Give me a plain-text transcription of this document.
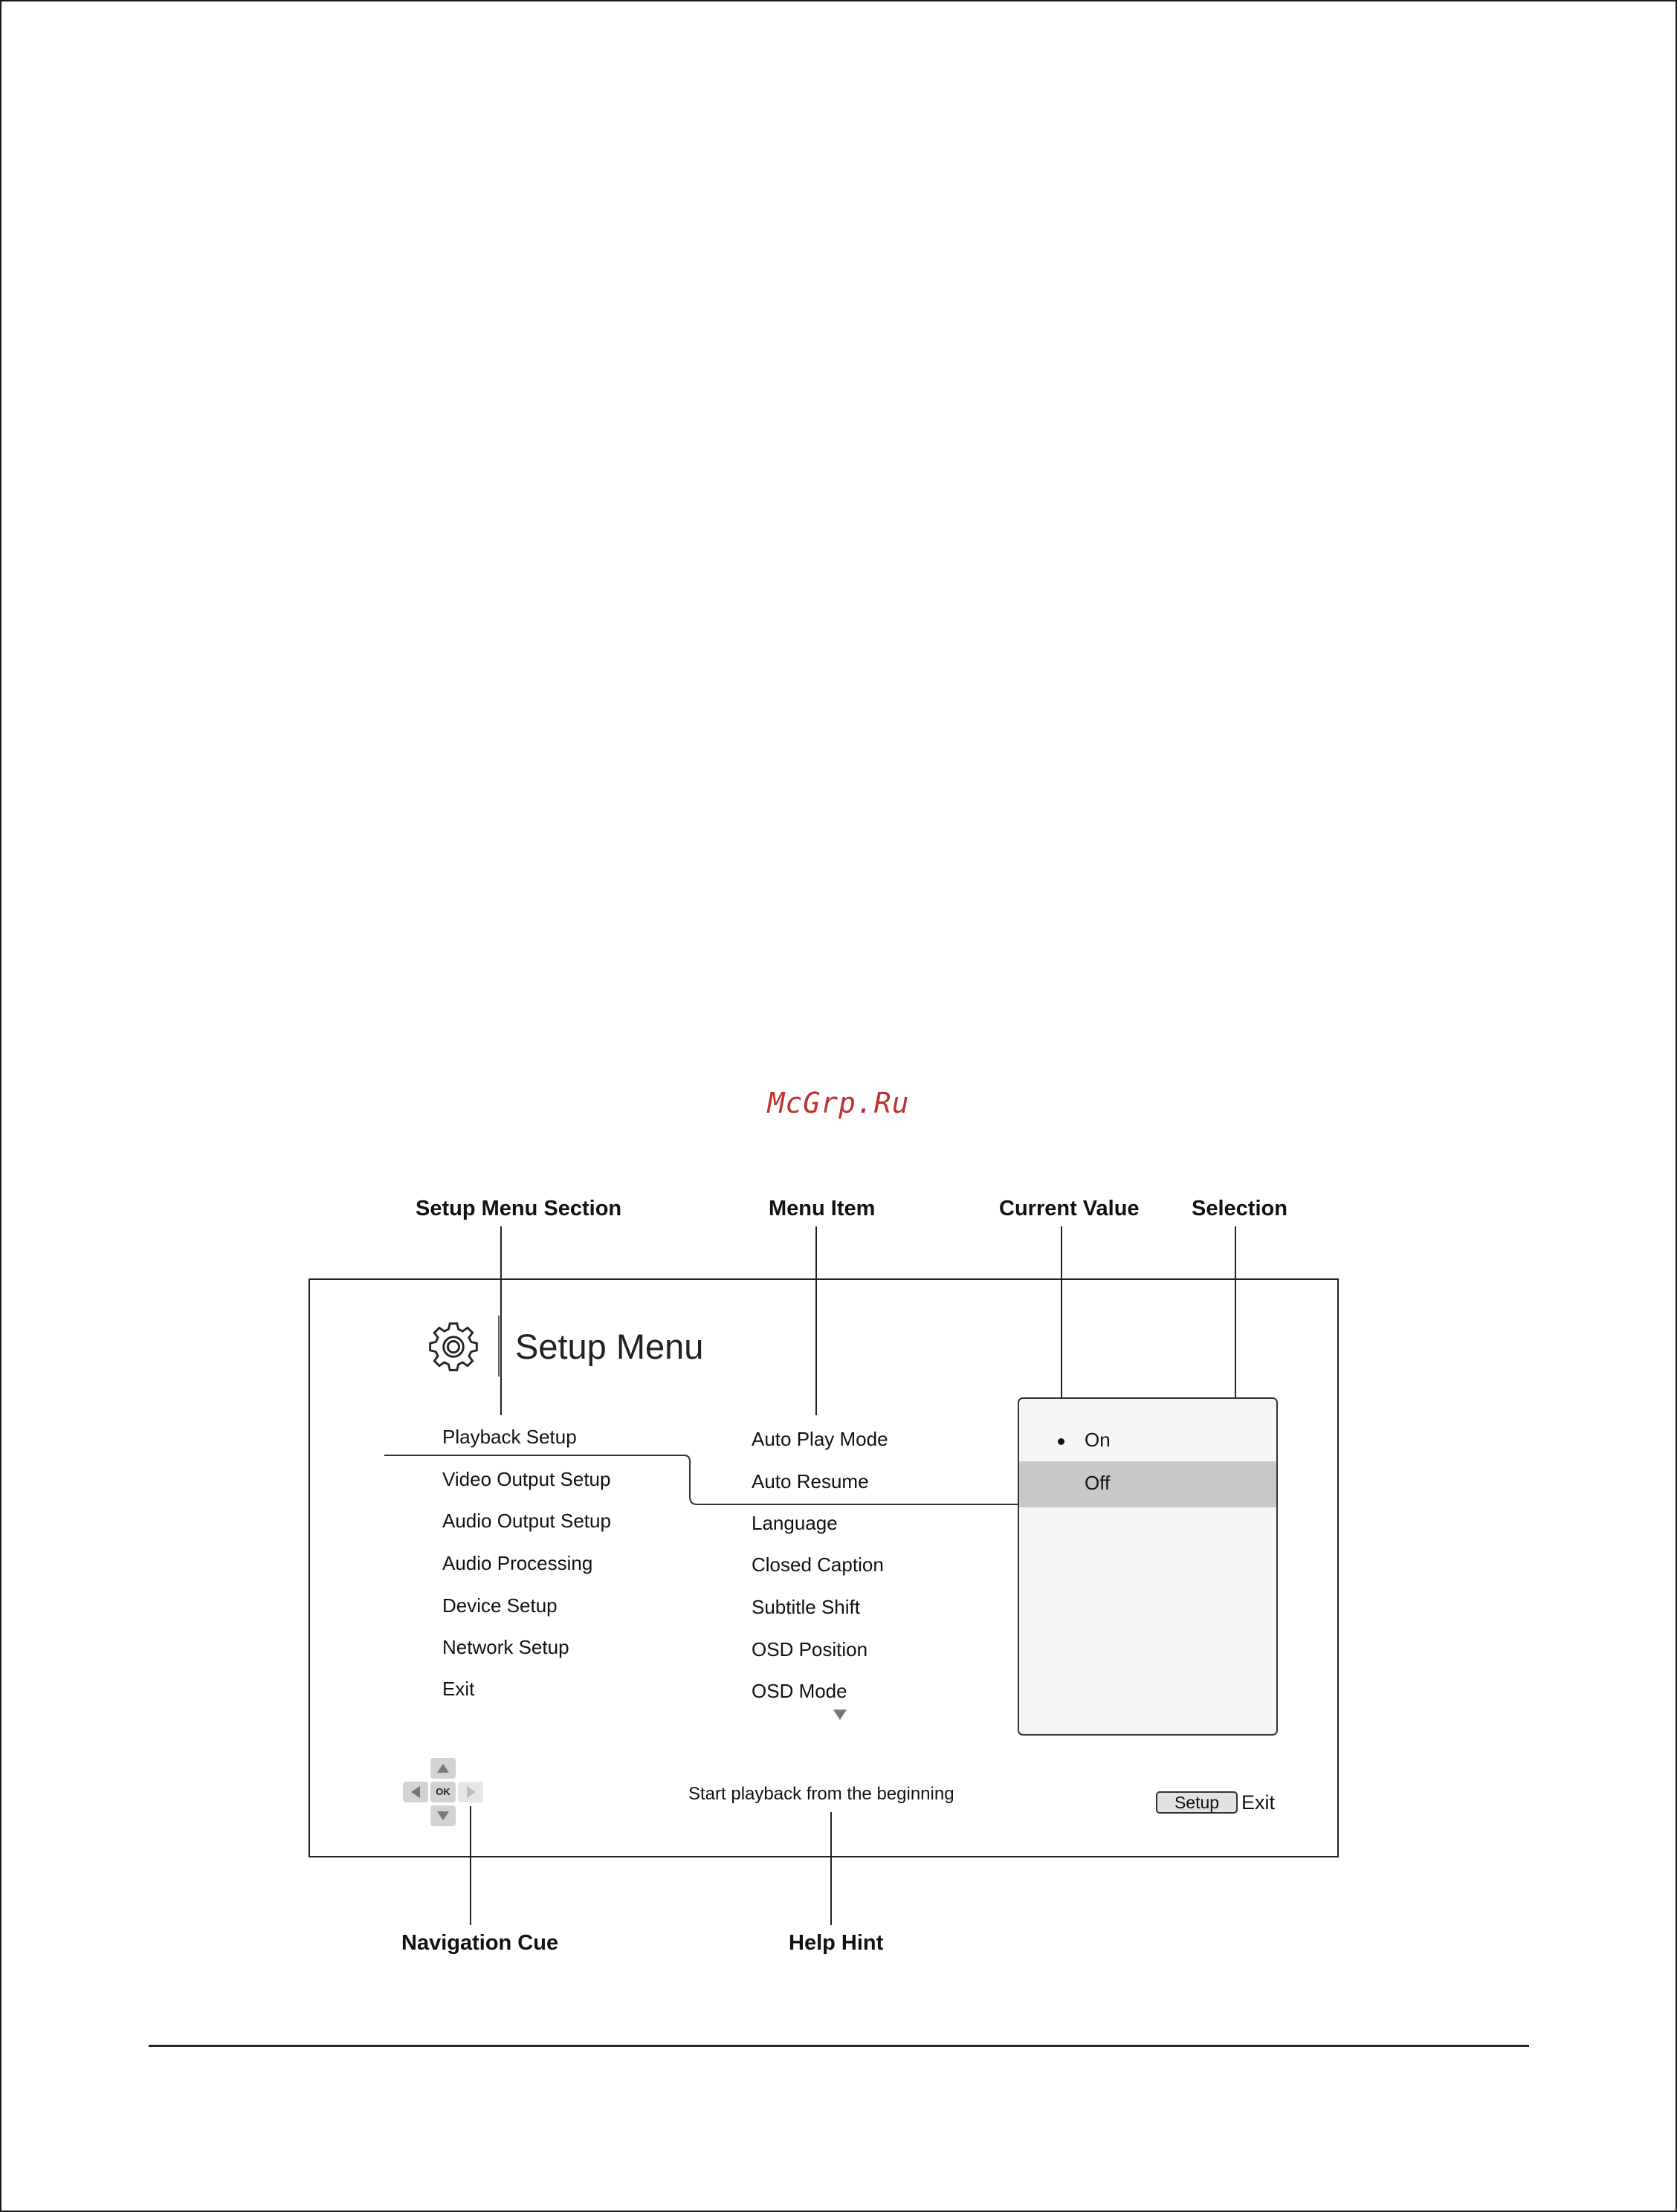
McGrp.Ru
Setup Menu Section	Menu Item	Current Value Selection
Setup Menu
Playback Setup
Video Output Setup
Audio Output Setup
Audio Processing
Device Setup
Network Setup
Exit
Auto Play Mode
Auto Resume
Language
Closed Caption
Subtitle Shift
OSD Position
OSD Mode
On
Off
OK	Start playback from the beginning	Setup	Exit
Navigation Cue	Help Hint
